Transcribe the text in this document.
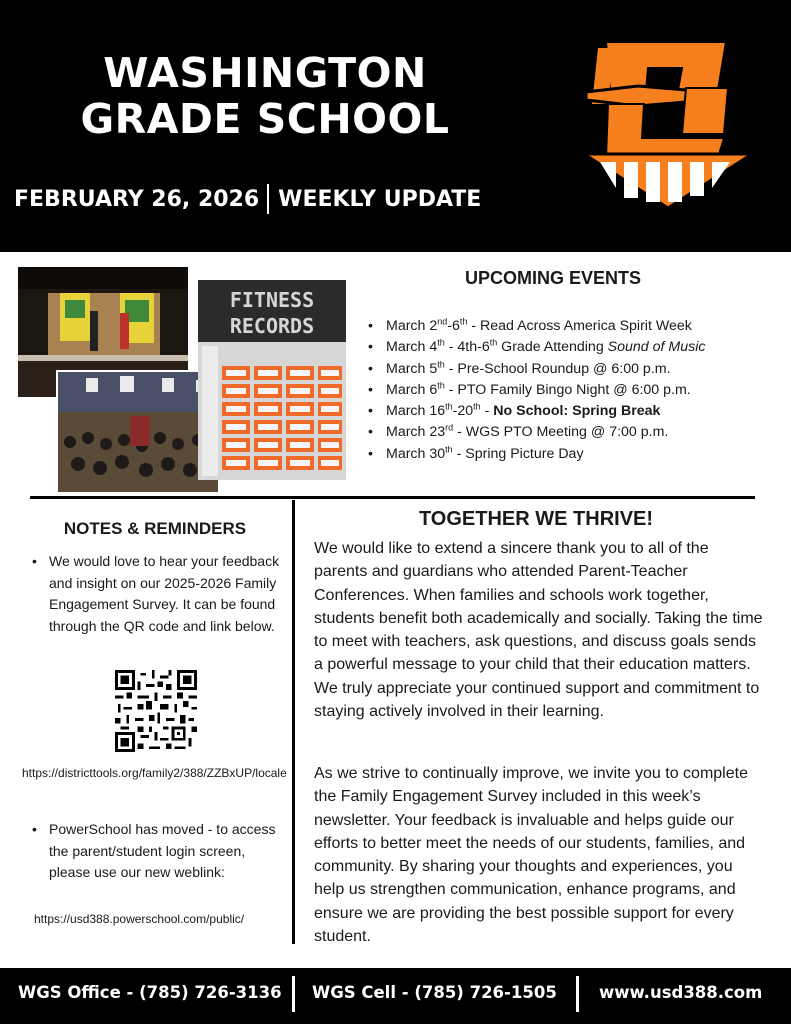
WASHINGTON
GRADE SCHOOL
FEBRUARY 26, 2026 WEEKLY UPDATE
FITNESS
RECORDS
UPCOMING EVENTS
• March 2nd-6th - Read Across America Spirit Week
• March 4th - 4th-6th Grade Attending Sound of Music
• March 5th - Pre-School Roundup @ 6:00 p.m.
• March 6th - PTO Family Bingo Night @ 6:00 p.m.
• March 16th-20th - No School: Spring Break
• March 23rd - WGS PTO Meeting @ 7:00 p.m.
• March 30th - Spring Picture Day
NOTES & REMINDERS
• We would love to hear your feedback and insight on our 2025-2026 Family Engagement Survey. It can be found through the QR code and link below.
https://districttools.org/family2/388/ZZBxUP/locale
• PowerSchool has moved - to access the parent/student login screen, please use our new weblink:
https://usd388.powerschool.com/public/
TOGETHER WE THRIVE!

We would like to extend a sincere thank you to all of the parents and guardians who attended Parent-Teacher Conferences. When families and schools work together, students benefit both academically and socially. Taking the time to meet with teachers, ask questions, and discuss goals sends a powerful message to your child that their education matters. We truly appreciate your continued support and commitment to staying actively involved in their learning.

As we strive to continually improve, we invite you to complete the Family Engagement Survey included in this week’s newsletter. Your feedback is invaluable and helps guide our efforts to better meet the needs of our students, families, and community. By sharing your thoughts and experiences, you help us strengthen communication, enhance programs, and ensure we are providing the best possible support for every student.

WGS Office - (785) 726-3136 WGS Cell - (785) 726-1505	www.usd388.com
